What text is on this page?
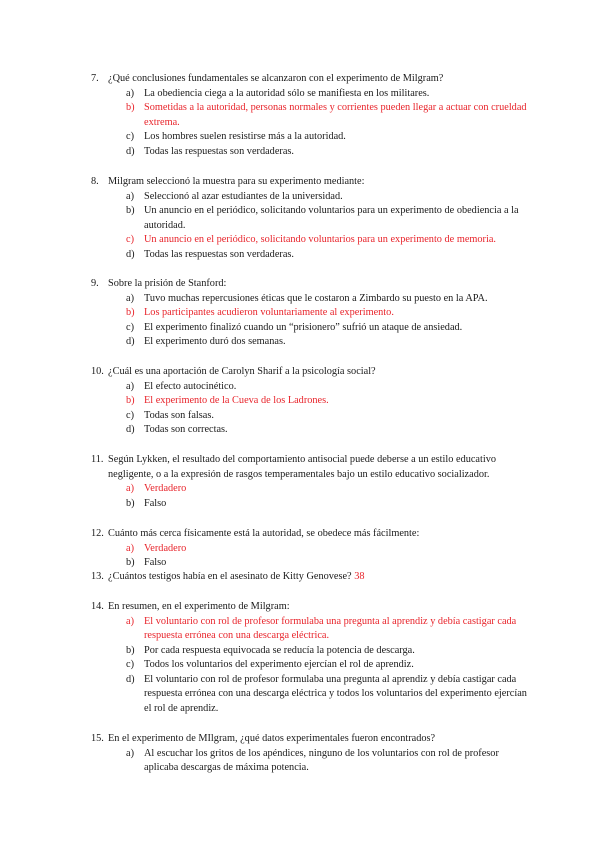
7. ¿Qué conclusiones fundamentales se alcanzaron con el experimento de Milgram?
a) La obediencia ciega a la autoridad sólo se manifiesta en los militares.
b) Sometidas a la autoridad, personas normales y corrientes pueden llegar a actuar con crueldad extrema.
c) Los hombres suelen resistirse más a la autoridad.
d) Todas las respuestas son verdaderas.
8. Milgram seleccionó la muestra para su experimento mediante:
a) Seleccionó al azar estudiantes de la universidad.
b) Un anuncio en el periódico, solicitando voluntarios para un experimento de obediencia a la autoridad.
c) Un anuncio en el periódico, solicitando voluntarios para un experimento de memoria.
d) Todas las respuestas son verdaderas.
9. Sobre la prisión de Stanford:
a) Tuvo muchas repercusiones éticas que le costaron a Zimbardo su puesto en la APA.
b) Los participantes acudieron voluntariamente al experimento.
c) El experimento finalizó cuando un “prisionero” sufrió un ataque de ansiedad.
d) El experimento duró dos semanas.
10. ¿Cuál es una aportación de Carolyn Sharif a la psicología social?
a) El efecto autocinético.
b) El experimento de la Cueva de los Ladrones.
c) Todas son falsas.
d) Todas son correctas.
11. Según Lykken, el resultado del comportamiento antisocial puede deberse a un estilo educativo negligente, o a la expresión de rasgos temperamentales bajo un estilo educativo socializador.
a) Verdadero
b) Falso
12. Cuánto más cerca físicamente está la autoridad, se obedece más fácilmente:
a) Verdadero
b) Falso
13. ¿Cuántos testigos había en el asesinato de Kitty Genovese? 38
14. En resumen, en el experimento de Milgram:
a) El voluntario con rol de profesor formulaba una pregunta al aprendiz y debía castigar cada respuesta errónea con una descarga eléctrica.
b) Por cada respuesta equivocada se reducía la potencia de descarga.
c) Todos los voluntarios del experimento ejercían el rol de aprendiz.
d) El voluntario con rol de profesor formulaba una pregunta al aprendiz y debía castigar cada respuesta errónea con una descarga eléctrica y todos los voluntarios del experimento ejercían el rol de aprendiz.
15. En el experimento de MIlgram, ¿qué datos experimentales fueron encontrados?
a) Al escuchar los gritos de los apéndices, ninguno de los voluntarios con rol de profesor aplicaba descargas de máxima potencia.
